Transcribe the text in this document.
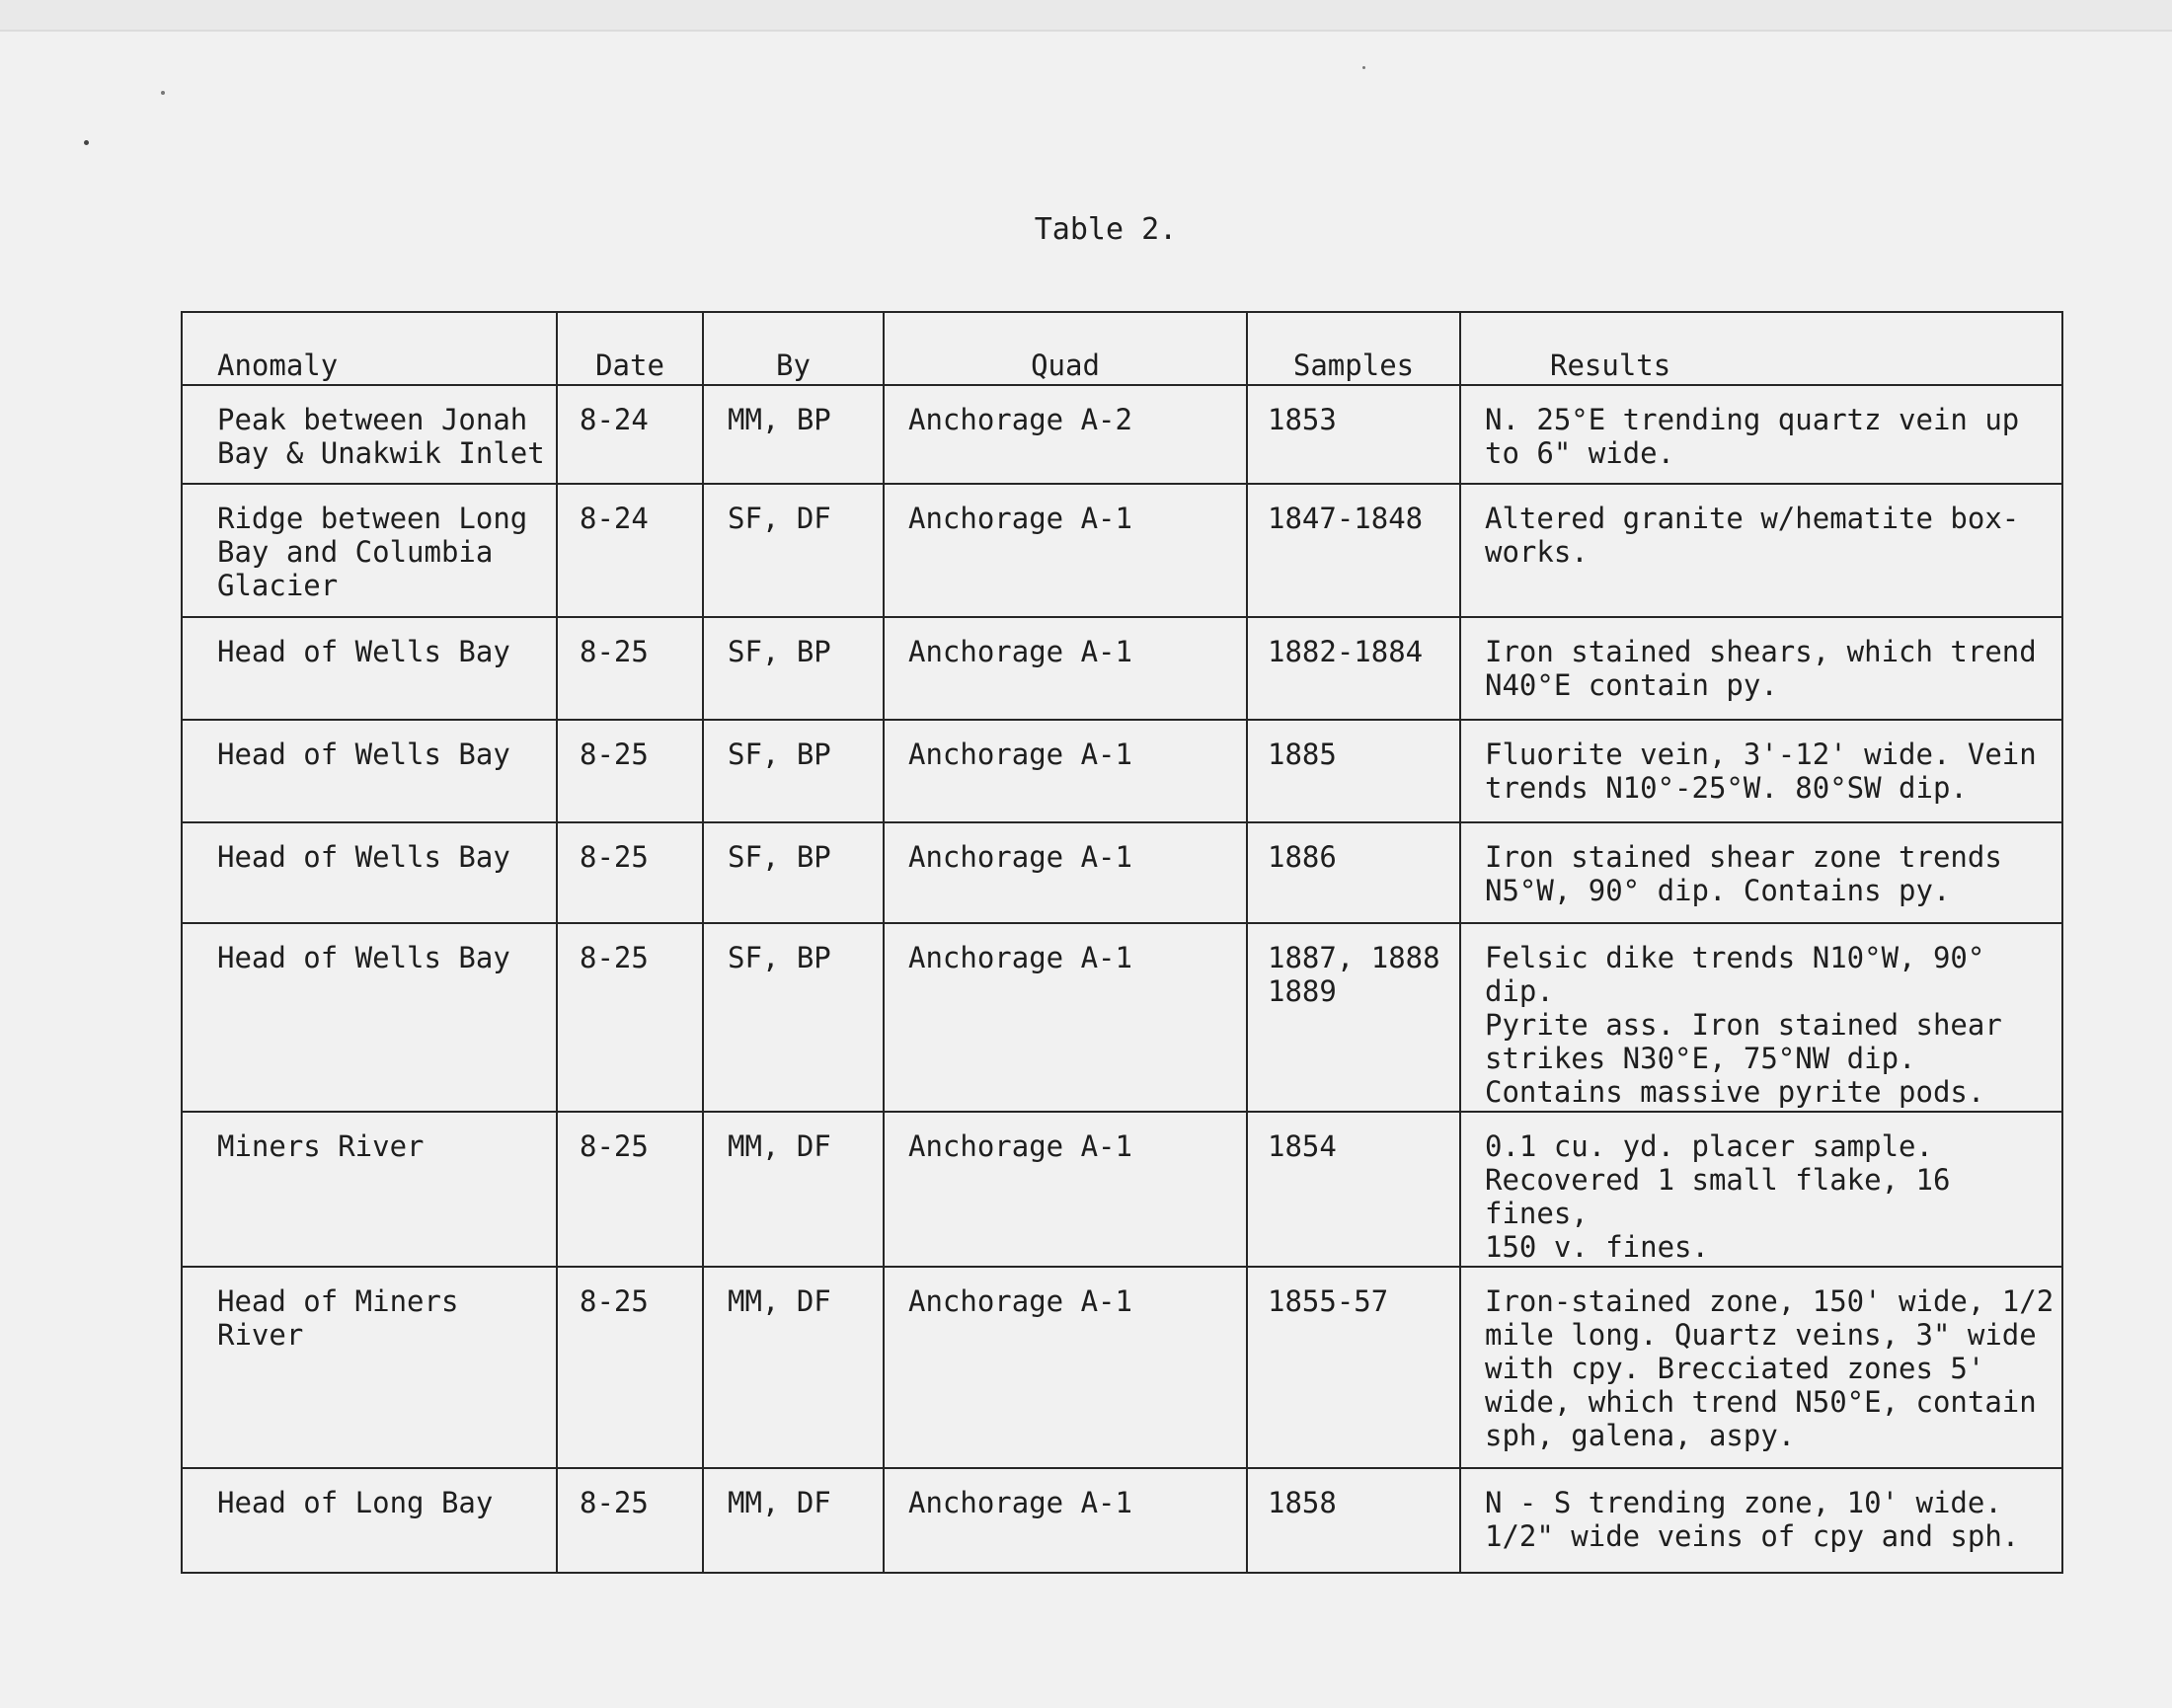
Table 2.
Anomaly	Date	By	Quad	Samples	Results

Peak between Jonah
Bay & Unakwik Inlet	8-24	MM, BP	Anchorage A-2	1853	N. 25°E trending quartz vein up
to 6" wide.

Ridge between Long
Bay and Columbia
Glacier	8-24	SF, DF	Anchorage A-1	1847-1848	Altered granite w/hematite box-
works.

Head of Wells Bay	8-25	SF, BP	Anchorage A-1	1882-1884	Iron stained shears, which trend
N40°E contain py.

Head of Wells Bay	8-25	SF, BP	Anchorage A-1	1885	Fluorite vein, 3'-12' wide. Vein
trends N10°-25°W. 80°SW dip.

Head of Wells Bay	8-25	SF, BP	Anchorage A-1	1886	Iron stained shear zone trends
N5°W, 90° dip. Contains py.

Head of Wells Bay	8-25	SF, BP	Anchorage A-1	1887, 1888
1889	Felsic dike trends N10°W, 90° dip.
Pyrite ass. Iron stained shear
strikes N30°E, 75°NW dip.
Contains massive pyrite pods.

Miners River	8-25	MM, DF	Anchorage A-1	1854	0.1 cu. yd. placer sample.
Recovered 1 small flake, 16 fines,
150 v. fines.

Head of Miners
River	8-25	MM, DF	Anchorage A-1	1855-57	Iron-stained zone, 150' wide, 1/2
mile long. Quartz veins, 3" wide
with cpy. Brecciated zones 5'
wide, which trend N50°E, contain
sph, galena, aspy.

Head of Long Bay	8-25	MM, DF	Anchorage A-1	1858	N - S trending zone, 10' wide.
1/2" wide veins of cpy and sph.
